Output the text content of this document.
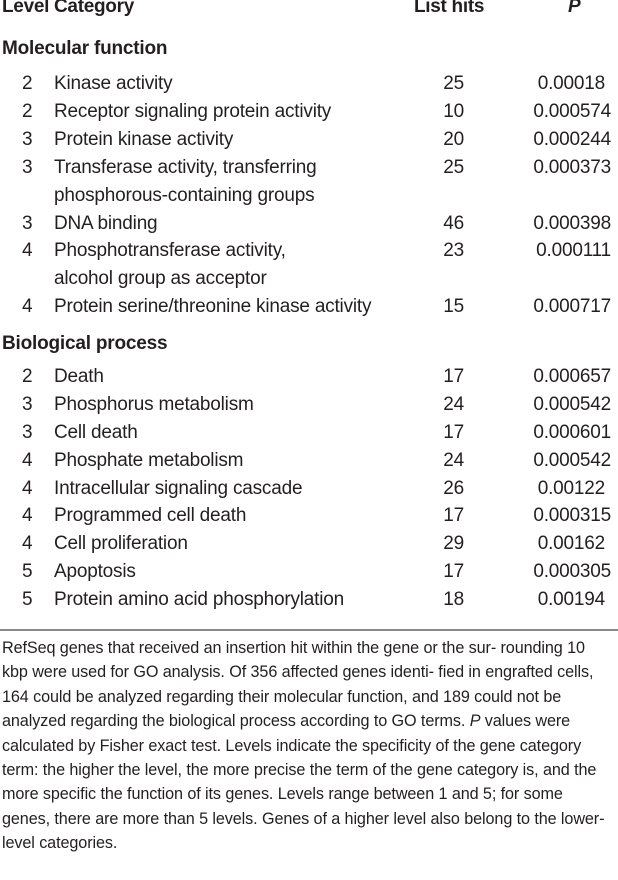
Level Category	List hits	P
Molecular function
2 Kinase activity	25	0.00018
2 Receptor signaling protein activity	10	0.000574
3 Protein kinase activity	20	0.000244
3 Transferase activity, transferring	25	0.000373
phosphorous-containing groups
3 DNA binding	46	0.000398
4 Phosphotransferase activity,	23	0.000111
alcohol group as acceptor
4 Protein serine/threonine kinase activity	15	0.000717
Biological process
2 Death	17	0.000657
3 Phosphorus metabolism	24	0.000542
3 Cell death	17	0.000601
4 Phosphate metabolism	24	0.000542
4 Intracellular signaling cascade	26	0.00122
4 Programmed cell death	17	0.000315
4 Cell proliferation	29	0.00162
5 Apoptosis	17	0.000305
5 Protein amino acid phosphorylation	18	0.00194
RefSeq genes that received an insertion hit within the gene or the sur- rounding 10 kbp were used for GO analysis. Of 356 affected genes identi- fied in engrafted cells, 164 could be analyzed regarding their molecular function, and 189 could not be analyzed regarding the biological process according to GO terms. P values were calculated by Fisher exact test. Levels indicate the specificity of the gene category term: the higher the level, the more precise the term of the gene category is, and the more specific the function of its genes. Levels range between 1 and 5; for some genes, there are more than 5 levels. Genes of a higher level also belong to the lower-level categories.
